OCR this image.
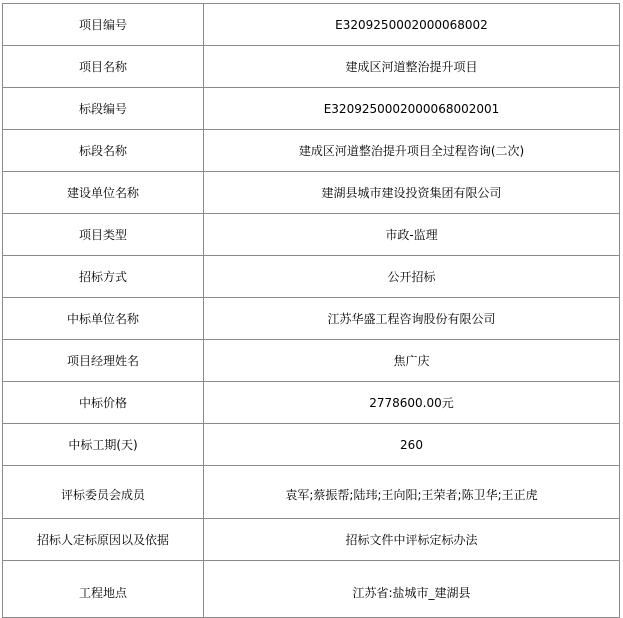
项目编号	E3209250002000068002
项目名称	建成区河道整治提升项目
标段编号	E3209250002000068002001
标段名称	建成区河道整治提升项目全过程咨询(二次)
建设单位名称	建湖县城市建设投资集团有限公司
项目类型	市政-监理
招标方式	公开招标
中标单位名称	江苏华盛工程咨询股份有限公司
项目经理姓名	焦广庆
中标价格	2778600.00元
中标工期(天)	260
评标委员会成员	袁军;蔡振帮;陆玮;王向阳;王荣者;陈卫华;王正虎
招标人定标原因以及依据	招标文件中评标定标办法
工程地点	江苏省:盐城市_建湖县
